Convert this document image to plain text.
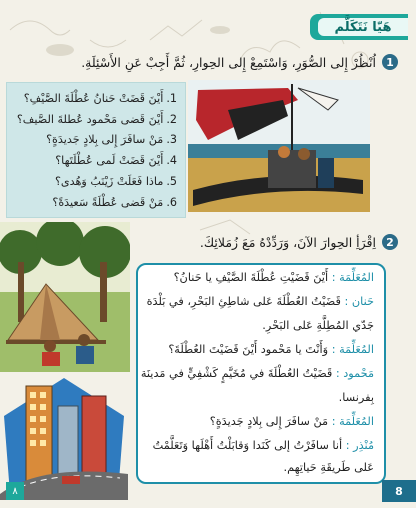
هَيّا نَتَكَلَّم
1
اُنْظُرْ إِلى الصُّوَرِ، وَاسْتَمِعْ إِلى الحِوارِ، ثُمَّ أَجِبْ عَنِ الأَسْئِلَةِ.
1.
أَيْنَ قَضَتْ حَنانُ عُطْلَةَ الصَّيْفِ؟
2.
أَيْنَ قَضى مَحْمود عُطلةَ الصَّيف؟
3.
مَنْ سافَرَ إِلى بِلادٍ جَديدَةٍ؟
4.
أَيْنَ قَضَتْ لَمى عُطْلَتَها؟
5.
ماذا فَعَلَتْ زَيْنَبُ وَهُدى؟
6.
مَنْ قَضى عُطْلَةً سَعيدَةً؟
2
اِقْرَأِ الحِوارَ الآنَ، وَرَدِّدْهُ مَعَ زُمَلائِكَ.
المُعَلِّمَة : أَيْنَ قَضَيْتِ عُطْلَةَ الصَّيْفِ يا حَنانُ؟
حَنان : قَضَيْتُ العُطْلَةَ عَلى شاطِئِ البَحْرِ، في بَلْدَة
جَدّي المُطِلَّةِ عَلى البَحْرِ.
المُعَلِّمَة : وَأَنْتَ يا مَحْمود أَيْنَ قَضَيْتَ العُطْلَةَ؟
مَحْمود : قَضَيْتُ العُطْلَةَ في مُخَيَّمٍ كَشْفِيٍّ في مَدينَة
بِفرنسا.
المُعَلِّمَة : مَنْ سافَرَ إِلى بِلادٍ جَديدَةٍ؟
مُنْذِر : أنا سافَرْتُ إلى كَنَدا وَقابَلْتُ أَهْلَها وَتَعَلَّمْتُ
عَلى طَريقَةِ حَياتِهِم.
٨	8
